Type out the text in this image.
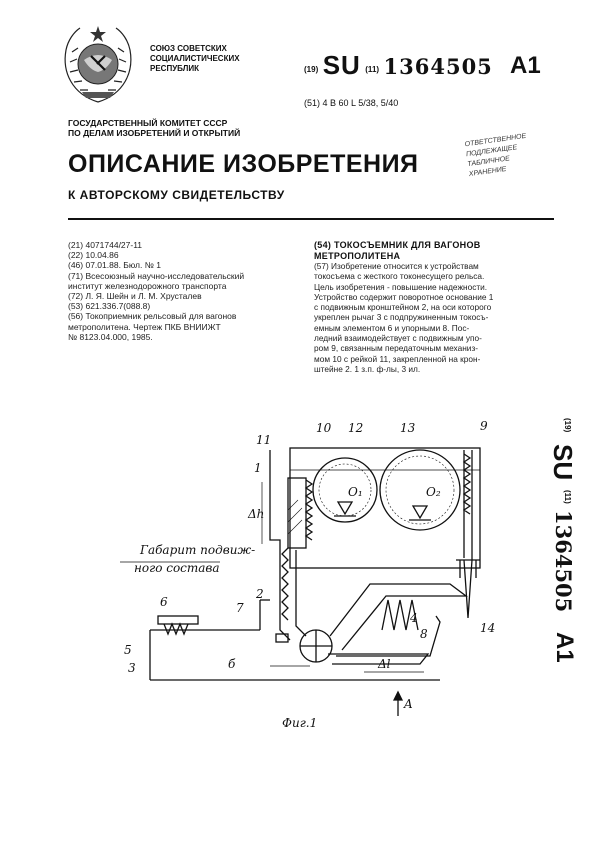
СОЮЗ СОВЕТСКИХ
СОЦИАЛИСТИЧЕСКИХ
РЕСПУБЛИК	(19) SU (11) 1364505 A1
(51) 4 В 60 L 5/38, 5/40
ГОСУДАРСТВЕННЫЙ КОМИТЕТ СССР
ПО ДЕЛАМ ИЗОБРЕТЕНИЙ И ОТКРЫТИЙ	ОТВЕТСТВЕННОЕ
ПОДЛЕЖАЩЕЕ
ТАБЛИЧНОЕ
ХРАНЕНИЕ
ОПИСАНИЕ ИЗОБРЕТЕНИЯ
К АВТОРСКОМУ СВИДЕТЕЛЬСТВУ
(21) 4071744/27-11
(22) 10.04.86
(46) 07.01.88. Бюл. № 1
(71) Всесоюзный научно-исследовательский
институт железнодорожного транспорта
(72) Л. Я. Шейн и Л. М. Хрусталев
(53) 621.336.7(088.8)
(56) Токоприемник рельсовый для вагонов
метрополитена. Чертеж ПКБ ВНИИЖТ
№ 8123.04.000, 1985.
(54) ТОКОСЪЕМНИК ДЛЯ ВАГОНОВ
МЕТРОПОЛИТЕНА
(57) Изобретение относится к устройствам
токосъема с жесткого токонесущего рельса.
Цель изобретения - повышение надежности.
Устройство содержит поворотное основание 1
с подвижным кронштейном 2, на оси которого
укреплен рычаг 3 с подпружиненным токосъ-
емным элементом 6 и упорными 8. Пос-
ледний взаимодействует с подвижным упо-
ром 9, связанным передаточным механиз-
мом 10 с рейкой 11, закрепленной на крон-
штейне 2. 1 з.п. ф-лы, 3 ил.
(19)
SU
(11)
1364505
A1
11
10 12	13	9
1
O₁	O₂
Δh
14
6	7
2
5
3
4
8
б	Δl
A
Габарит подвиж-
ного состава
Фиг.1
